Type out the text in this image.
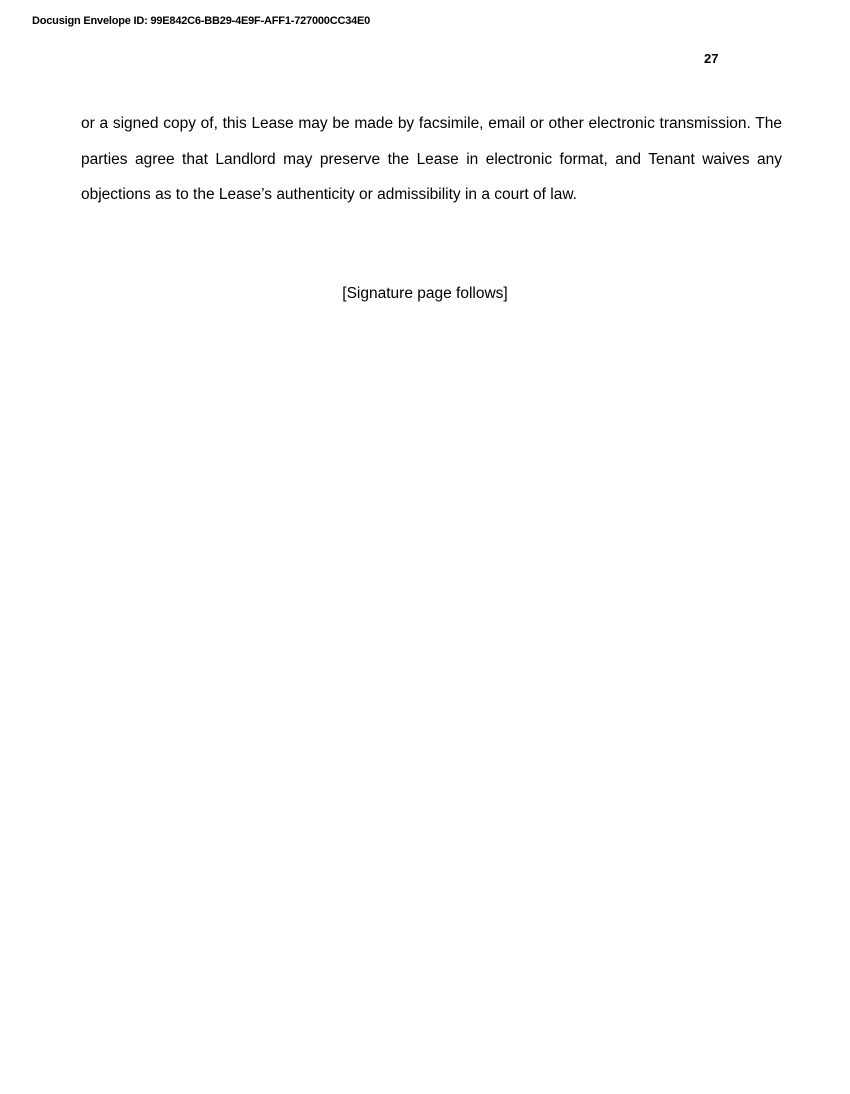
Docusign Envelope ID: 99E842C6-BB29-4E9F-AFF1-727000CC34E0
27

or a signed copy of, this Lease may be made by facsimile, email or other electronic transmission. The
parties agree that Landlord may preserve the Lease in electronic format, and Tenant waives any
objections as to the Lease’s authenticity or admissibility in a court of law.

[Signature page follows]
